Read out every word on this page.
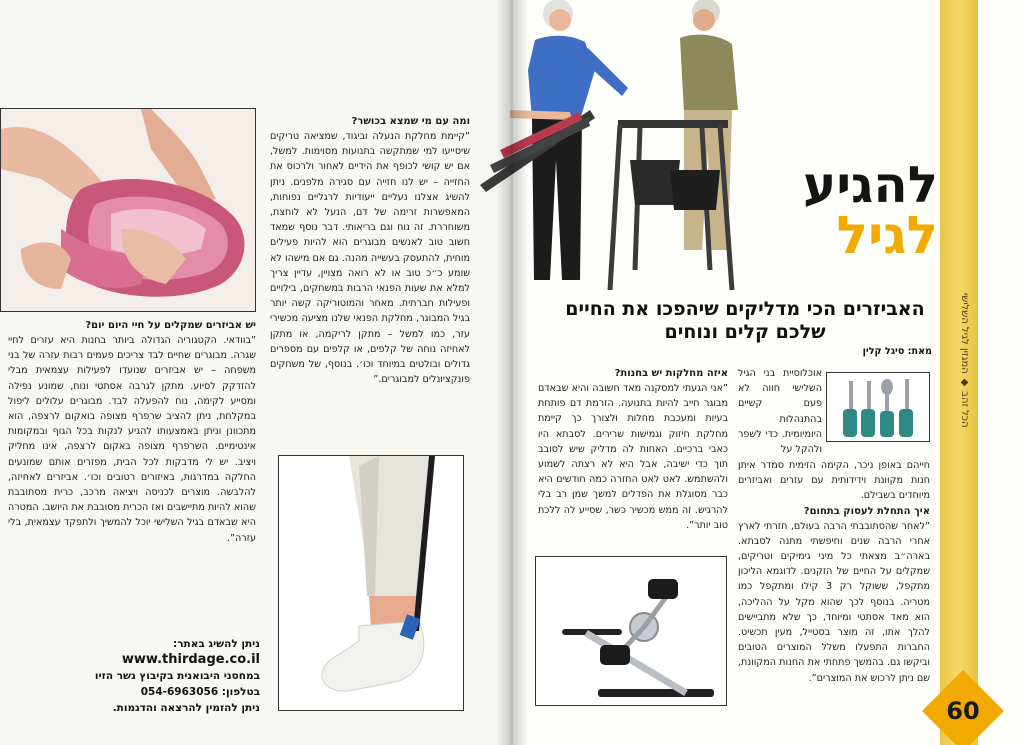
ומה עם מי שמצא בכושר?

”קיימת מחלקת הנעלה וביגוד, שמציאה טריקים שיסייעו למי שמתקשה בתנועות מסוימות. למשל, אם יש קושי לכופף את הידיים לאחור ולרכוס את החזייה – יש לנו חזייה עם סגירה מלפנים. ניתן להשיג אצלנו נעליים ייעודיות לרגליים נפוחות, המאפשרות זרימה של דם, הנעל לא לוחצת, משוחררת. זה נוח וגם בריאותי. דבר נוסף שמאד חשוב טוב לאנשים מבוגרים הוא להיות פעילים מוחית, להתעסק בעשייה מהנה. גם אם מישהו לא שומע כ״כ טוב או לא רואה מצויין, עדיין צריך למלא את שעות הפנאי הרבות במשחקים, בילויים ופעילות חברתית. מאחר והמוטוריקה קשה יותר בגיל המבוגר, מחלקת הפנאי שלנו מציעה מכשירי עזר, כמו למשל – מתקן לריקמה, או מתקן לאחיזה נוחה של קלפים, או קלפים עם מספרים גדולים ובולטים במיוחד וכו׳. בנוסף, של משחקים פונקציונלים למבוגרים.”

יש אביזרים שמקלים על חיי היום יום?

”בוודאי. הקטגוריה הגדולה ביותר בחנות היא עזרים לחיי שגרה. מבוגרים שחיים לבד צריכים פעמים רבות עזרה של בני משפחה – יש אביזרים שנועדו לפעילות עצמאית מבלי להזדקק לסיוע. מתקן לגרבה אסתטי ונוח, שמונע נפילה ומסייע לקימה, נוח להפעלה לבד. מבוגרים עלולים ליפול במקלחת, ניתן להציב שרפרף מצופה בואקום לרצפה, הוא מתכוונן וניתן באמצעותו להגיע לנקות בכל הגוף ובמקומות אינטימיים. השרפרף מצופה באקום לרצפה, אינו מחליק ויציב. יש לי מדבקות לכל הבית, מפזרים אותם שמונעים החלקה במדרגות, באיזורים רטובים וכו׳. אביזרים לאחיזה, להלבשה. מוצרים לכניסה ויציאה מרכב, כרית מסתובבת שהוא להיות מתיישבים ואז הכרית מסובבת את היושב. המטרה היא שבאדם בגיל השלישי יוכל להמשיך ולתפקד עצמאית, בלי עזרה”.

ניתן להשיג באתר:
www.thirdage.co.il
במחסני היבואנית בקיבוץ גשר הזיו
בטלפון: 054-6963056
ניתן להזמין להרצאה והדגמות.
להגיע
לגיל
האביזרים הכי מדליקים שיהפכו את החיים שלכם קלים ונוחים
מאת: סיגל קלין

אוכלוסיית בני הגיל השלישי חווה לא פעם קשיים בהתנהלות היומיומית. כדי לשפר ולהקל על

חייהם באופן ניכר, הקימה הזימית סמדר איתן חנות מקוונת וידידותית עם עזרים ואביזרים מיוחדים בשבילם.

איך התחלת לעסוק בתחום?

”לאחר שהסתובבתי הרבה בעולם, חזרתי לארץ אחרי הרבה שנים וחיפשתי מתנה לסבתא. בארה״ב מצאתי כל מיני גימיקים וטריקים, שמקלים על החיים של הזקנים. לדוגמא הליכון מתקפל, ששוקל רק 3 קילו ומתקפל כמו מטריה. בנוסף לכך שהוא מקל על ההליכה, הוא מאד אסתטי ומיוחד, כך שלא מתביישים להלך אתו, זה מוצר בסטייל, מעין תכשיט. החברות התפעלו משלל המוצרים הטובים וביקשו גם. בהמשך פתחתי את החנות המקוונת, שם ניתן לרכוש את המוצרים”.

איזה מחלקות יש בחנות?

”אני הגעתי למסקנה מאד חשובה והיא שבאדם מבוגר חייב להיות בתנועה. הזרמת דם פותחת בעיות ומעכבת מחלות ולצורך כך קיימת מחלקת חיזוק וגמישות שרירים. לסבתא היו כאבי ברכיים. האחות לה מדליק שיש לסובב תוך כדי ישיבה, אבל היא לא רצתה לשמוע ולהשתמש. לאט לאט החזרה כמה חודשים היא כבר מסוגלת את הפדלים למשך שמן רב בלי להרגיש. זה ממש מכשיר כשר, שסייע לה ללכת טוב יותר”.

הכל זהב ◆ המגזין לגיל השלישי
60
